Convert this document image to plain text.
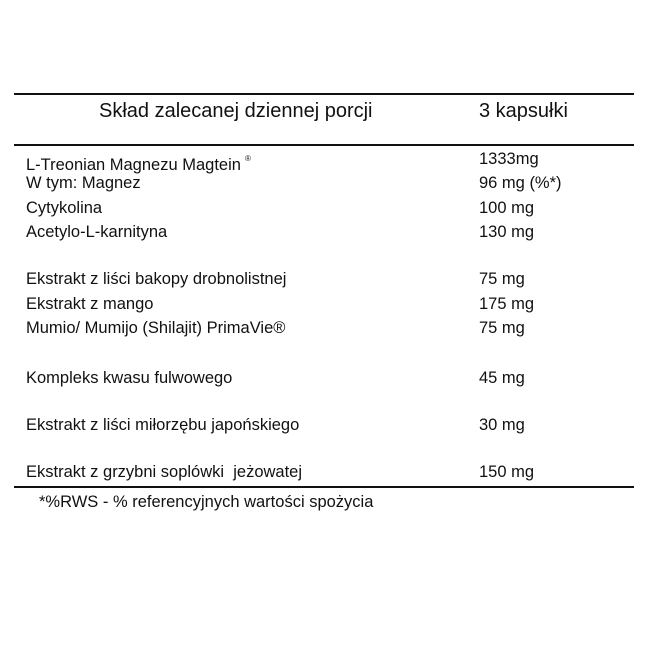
Skład zalecanej dziennej porcji	3 kapsułki
L-Treonian Magnezu Magtein ®	1333mg
W tym: Magnez	96 mg (%*)
Cytykolina	100 mg
Acetylo-L-karnityna	130 mg
Ekstrakt z liści bakopy drobnolistnej	75 mg
Ekstrakt z mango	175 mg
Mumio/ Mumijo (Shilajit) PrimaVie®	75 mg
Kompleks kwasu fulwowego	45 mg
Ekstrakt z liści miłorzębu japońskiego	30 mg
Ekstrakt z grzybni soplówki  jeżowatej	150 mg
*%RWS - % referencyjnych wartości spożycia
